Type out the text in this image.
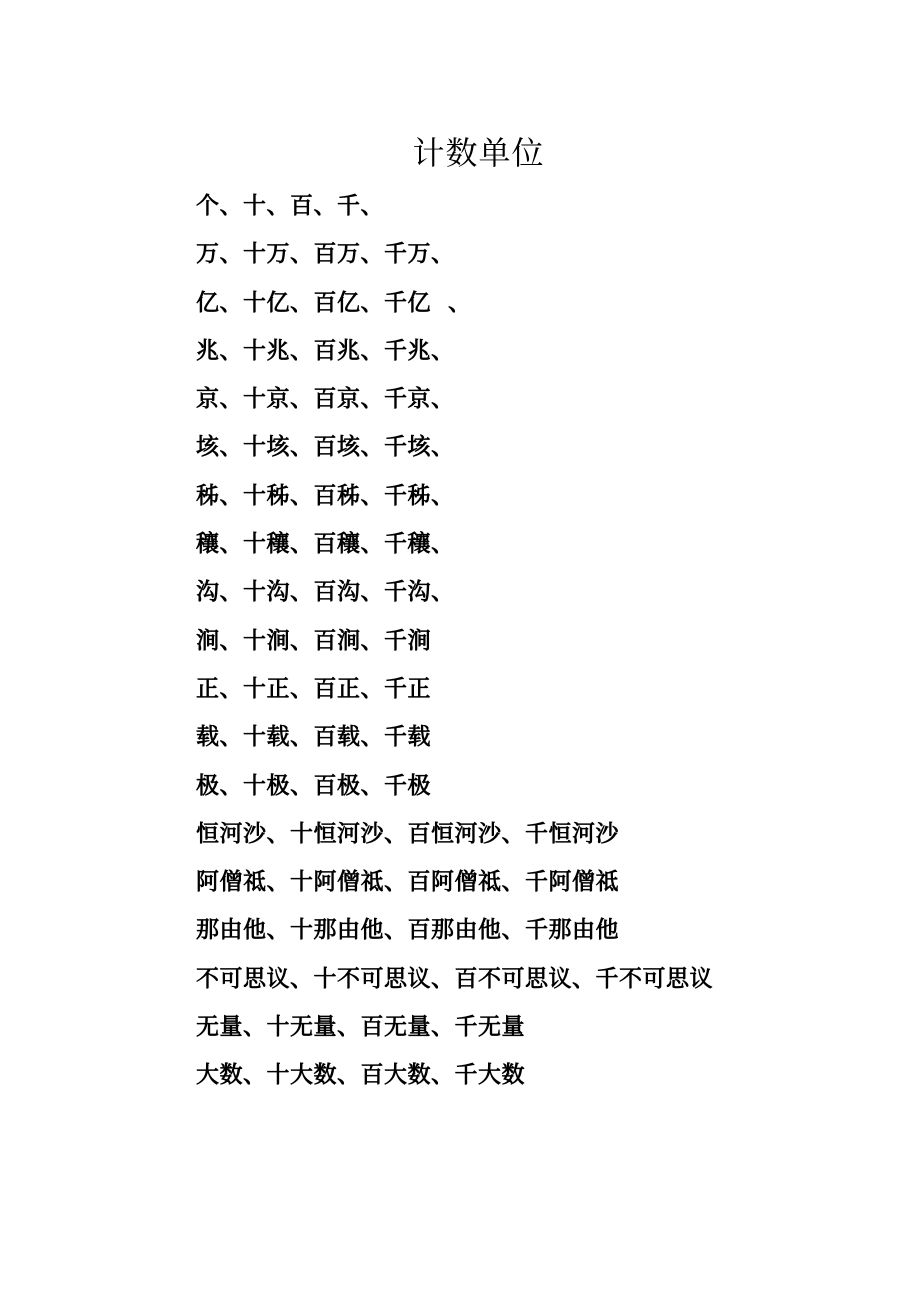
计数单位
个、十、百、千、
万、十万、百万、千万、
亿、十亿、百亿、千亿  、
兆、十兆、百兆、千兆、
京、十京、百京、千京、
垓、十垓、百垓、千垓、
秭、十秭、百秭、千秭、
穰、十穰、百穰、千穰、
沟、十沟、百沟、千沟、
涧、十涧、百涧、千涧
正、十正、百正、千正
载、十载、百载、千载
极、十极、百极、千极
恒河沙、十恒河沙、百恒河沙、千恒河沙
阿僧祗、十阿僧祗、百阿僧祗、千阿僧祗
那由他、十那由他、百那由他、千那由他
不可思议、十不可思议、百不可思议、千不可思议
无量、十无量、百无量、千无量
大数、十大数、百大数、千大数
